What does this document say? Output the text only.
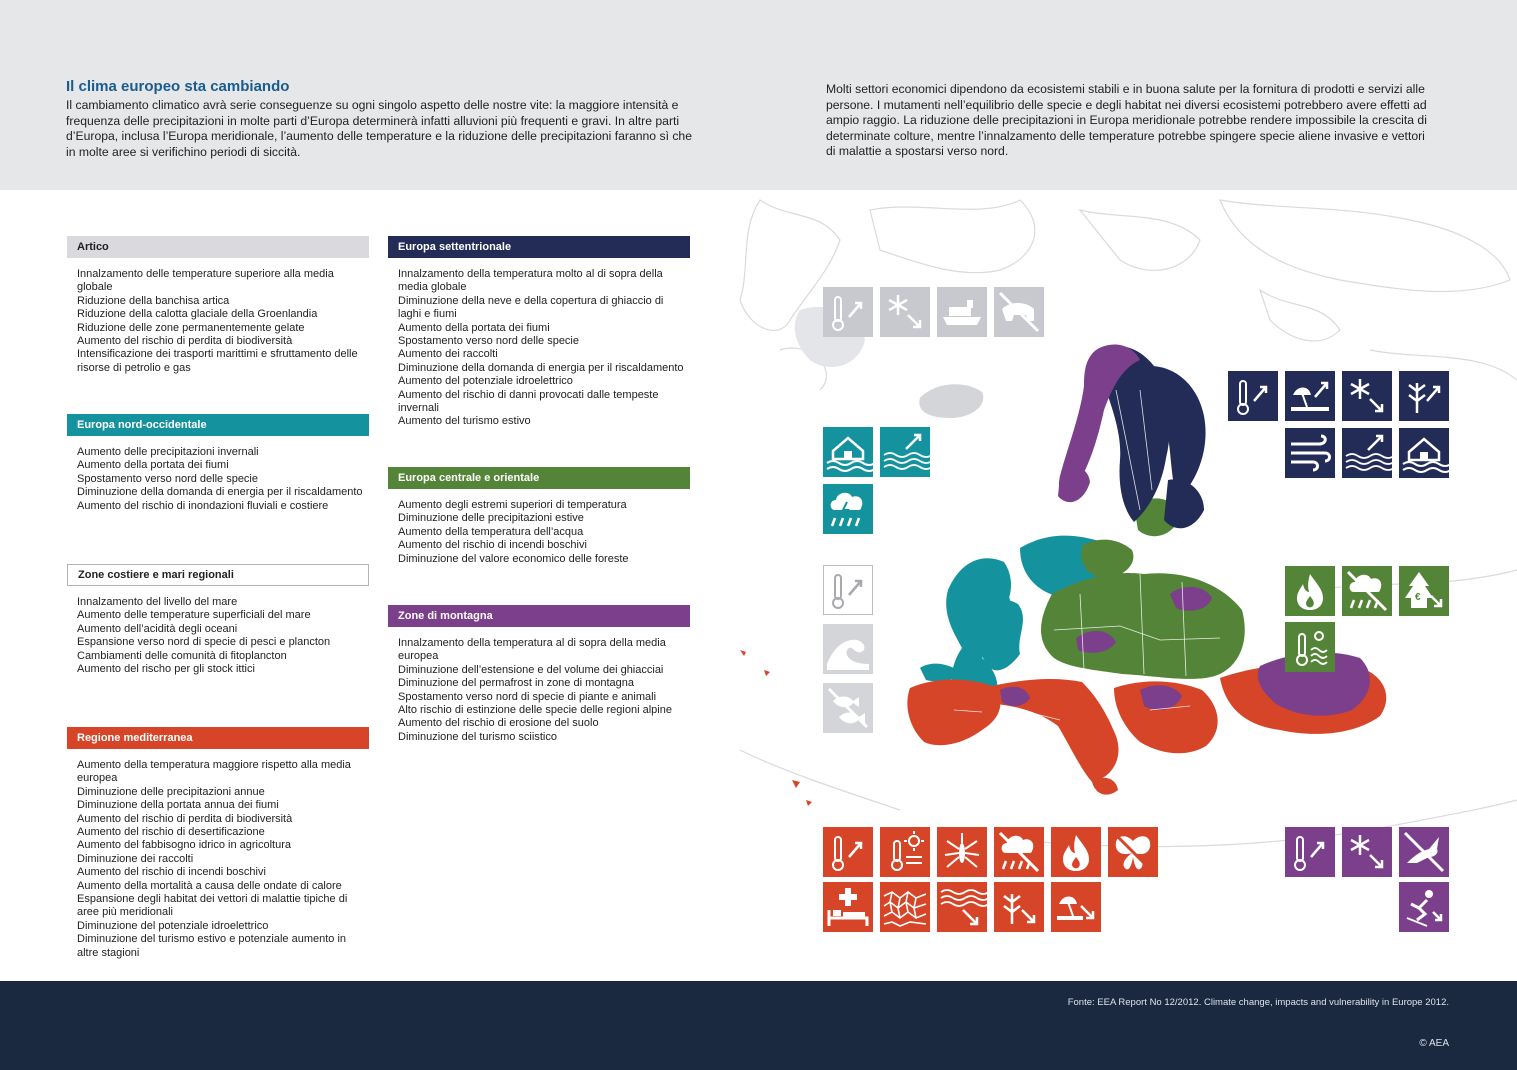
Il clima europeo sta cambiando

Il cambiamento climatico avrà serie conseguenze su ogni singolo aspetto delle nostre vite: la maggiore intensità e frequenza delle precipitazioni in molte parti d’Europa determinerà infatti alluvioni più frequenti e gravi. In altre parti d’Europa, inclusa l’Europa meridionale, l’aumento delle temperature e la riduzione delle precipitazioni faranno sì che in molte aree si verifichino periodi di siccità.

Molti settori economici dipendono da ecosistemi stabili e in buona salute per la fornitura di prodotti e servizi alle persone. I mutamenti nell’equilibrio delle specie e degli habitat nei diversi ecosistemi potrebbero avere effetti ad ampio raggio. La riduzione delle precipitazioni in Europa meridionale potrebbe rendere impossibile la crescita di determinate colture, mentre l’innalzamento delle temperature potrebbe spingere specie aliene invasive e vettori di malattie a spostarsi verso nord.

Artico
Innalzamento delle temperature superiore alla media globale
Riduzione della banchisa artica
Riduzione della calotta glaciale della Groenlandia
Riduzione delle zone permanentemente gelate
Aumento del rischio di perdita di biodiversità
Intensificazione dei trasporti marittimi e sfruttamento delle risorse di petrolio e gas
Europa nord-occidentale
Aumento delle precipitazioni invernali
Aumento della portata dei fiumi
Spostamento verso nord delle specie
Diminuzione della domanda di energia per il riscaldamento
Aumento del rischio di inondazioni fluviali e costiere
Zone costiere e mari regionali
Innalzamento del livello del mare
Aumento delle temperature superficiali del mare
Aumento dell’acidità degli oceani
Espansione verso nord di specie di pesci e plancton
Cambiamenti delle comunità di fitoplancton
Aumento del rischo per gli stock ittici
Regione mediterranea
Aumento della temperatura maggiore rispetto alla media europea
Diminuzione delle precipitazioni annue
Diminuzione della portata annua dei fiumi
Aumento del rischio di perdita di biodiversità
Aumento del rischio di desertificazione
Aumento del fabbisogno idrico in agricoltura
Diminuzione dei raccolti
Aumento del rischio di incendi boschivi
Aumento della mortalità a causa delle ondate di calore
Espansione degli habitat dei vettori di malattie tipiche di aree più meridionali
Diminuzione del potenziale idroelettrico
Diminuzione del turismo estivo e potenziale aumento in altre stagioni
Europa settentrionale
Innalzamento della temperatura molto al di sopra della media globale
Diminuzione della neve e della copertura di ghiaccio di laghi e fiumi
Aumento della portata dei fiumi
Spostamento verso nord delle specie
Aumento dei raccolti
Diminuzione della domanda di energia per il riscaldamento
Aumento del potenziale idroelettrico
Aumento del rischio di danni provocati dalle tempeste invernali
Aumento del turismo estivo
Europa centrale e orientale
Aumento degli estremi superiori di temperatura
Diminuzione delle precipitazioni estive
Aumento della temperatura dell’acqua
Aumento del rischio di incendi boschivi
Diminuzione del valore economico delle foreste
Zone di montagna
Innalzamento della temperatura al di sopra della media europea
Diminuzione dell’estensione e del volume dei ghiacciai
Diminuzione del permafrost in zone di montagna
Spostamento verso nord di specie di piante e animali
Alto rischio di estinzione delle specie delle regioni alpine
Aumento del rischio di erosione del suolo
Diminuzione del turismo sciistico
€
Fonte: EEA Report No 12/2012. Climate change, impacts and vulnerability in Europe 2012.
© AEA
